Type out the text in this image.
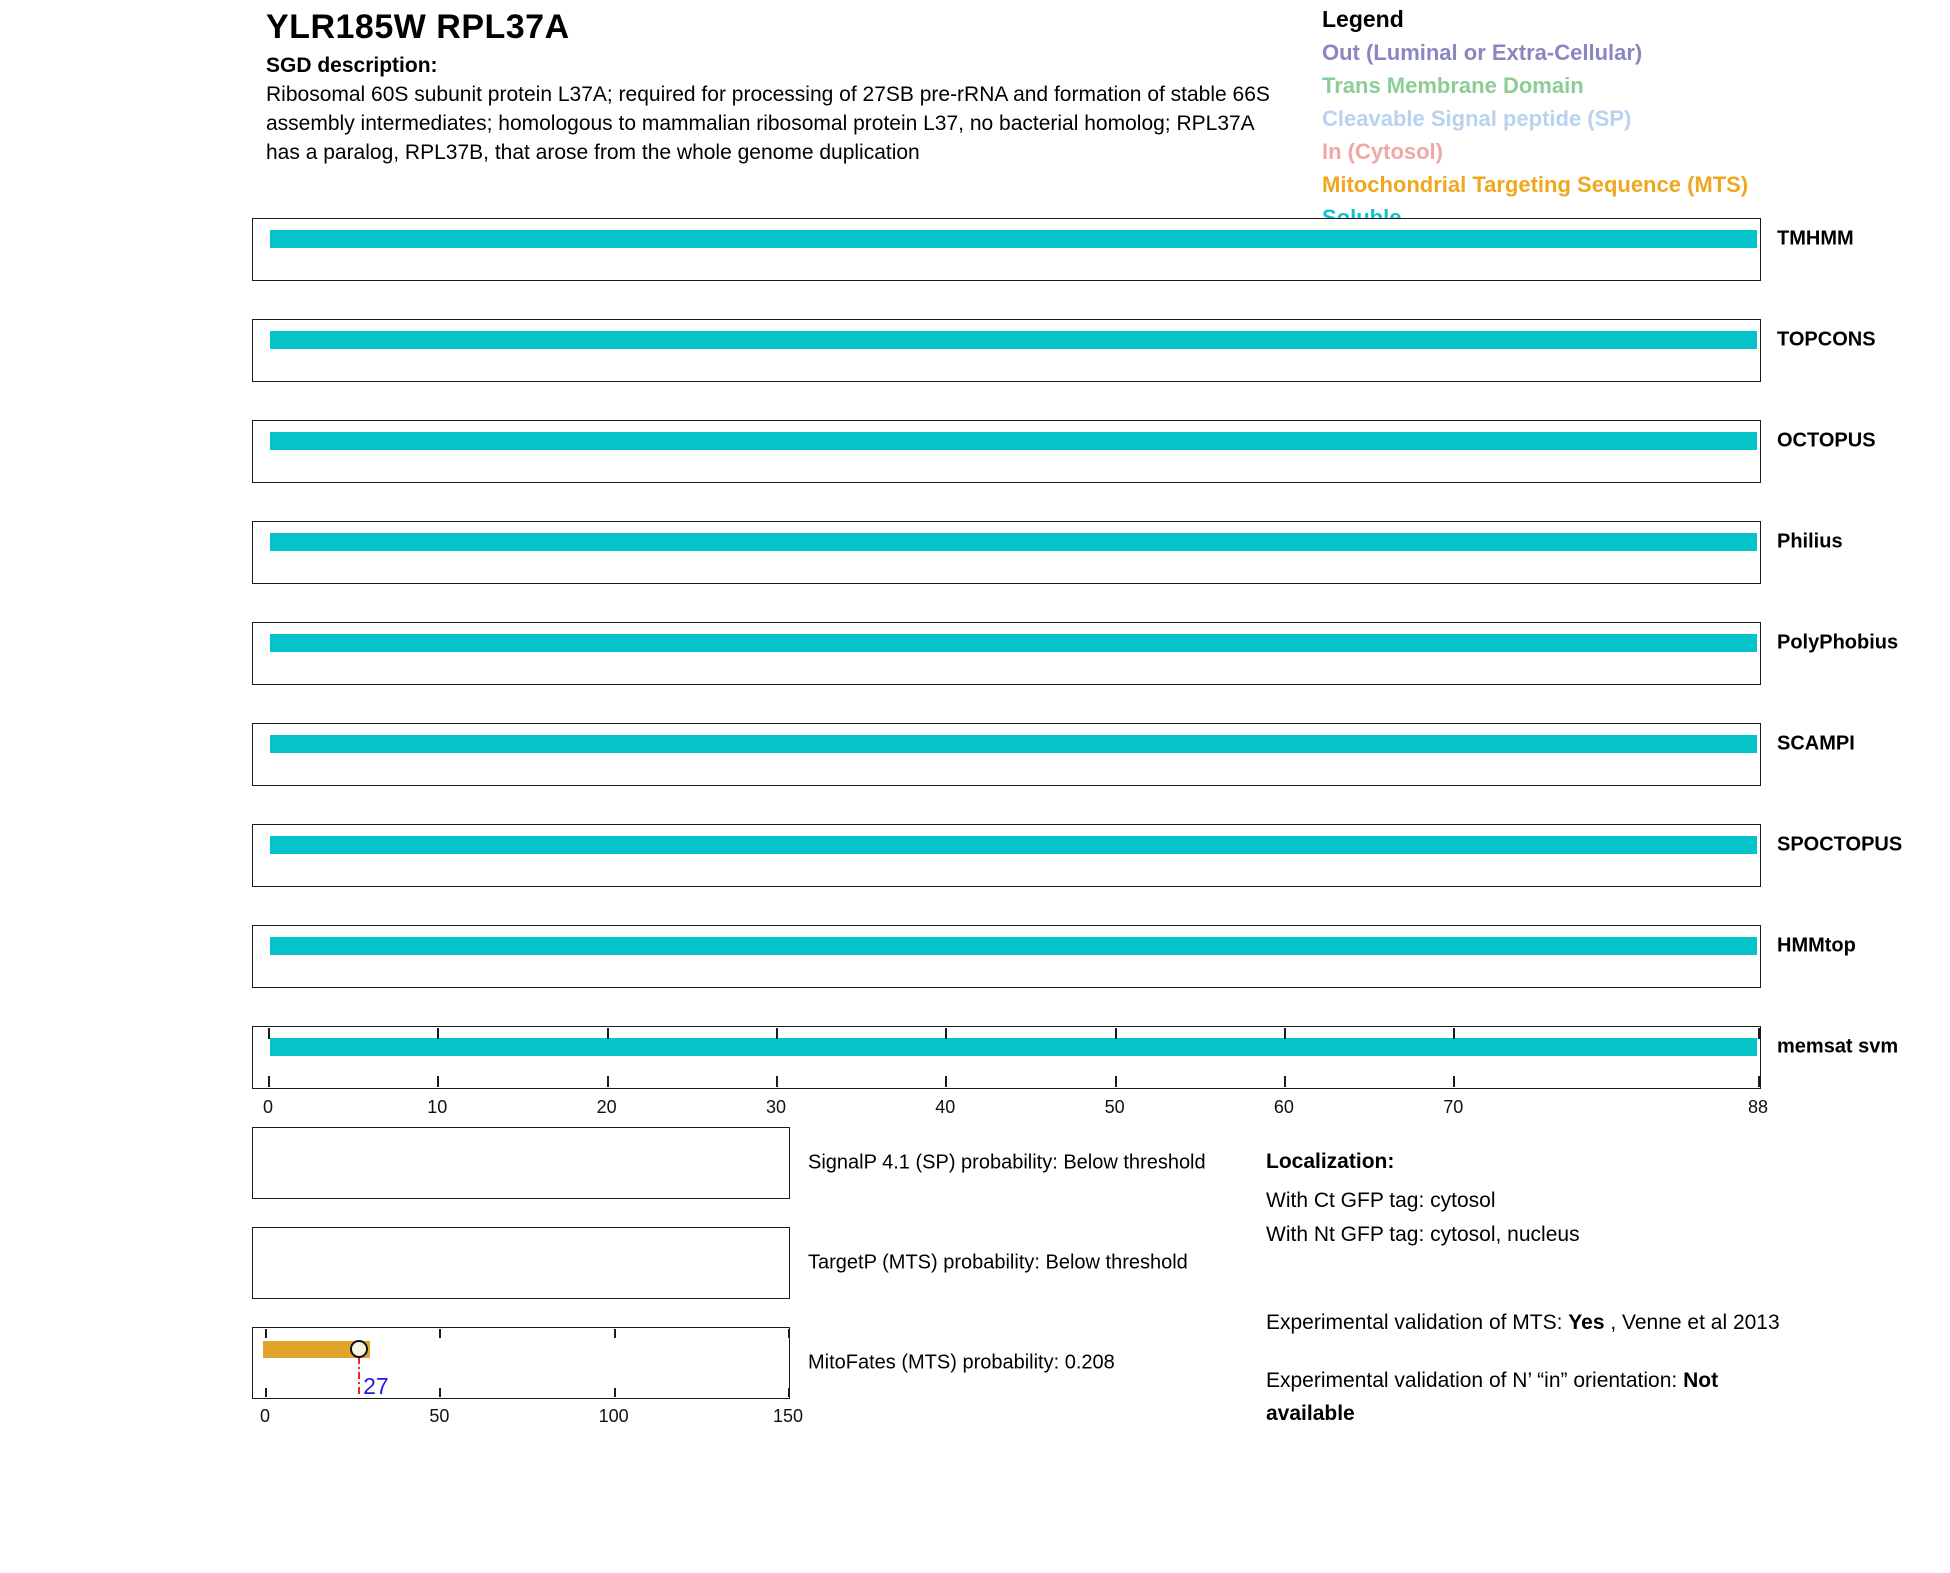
YLR185W RPL37A
SGD description:
Ribosomal 60S subunit protein L37A; required for processing of 27SB pre-rRNA and formation of stable 66S
assembly intermediates; homologous to mammalian ribosomal protein L37, no bacterial homolog; RPL37A
has a paralog, RPL37B, that arose from the whole genome duplication
Legend
Out (Luminal or Extra-Cellular)
Trans Membrane Domain
Cleavable Signal peptide (SP)
In (Cytosol)
Mitochondrial Targeting Sequence (MTS)
TMHMM
TOPCONS
OCTOPUS
Philius
PolyPhobius
SCAMPI
SPOCTOPUS
HMMtop
memsat svm
0	10	20	30	40	50	60	70	88
SignalP 4.1 (SP) probability: Below threshold
TargetP (MTS) probability: Below threshold
MitoFates (MTS) probability: 0.208
0	50	100	150
27
Localization:
With Ct GFP tag: cytosol
With Nt GFP tag: cytosol, nucleus
Experimental validation of MTS: Yes , Venne et al 2013
Experimental validation of N’ “in” orientation: Not available
